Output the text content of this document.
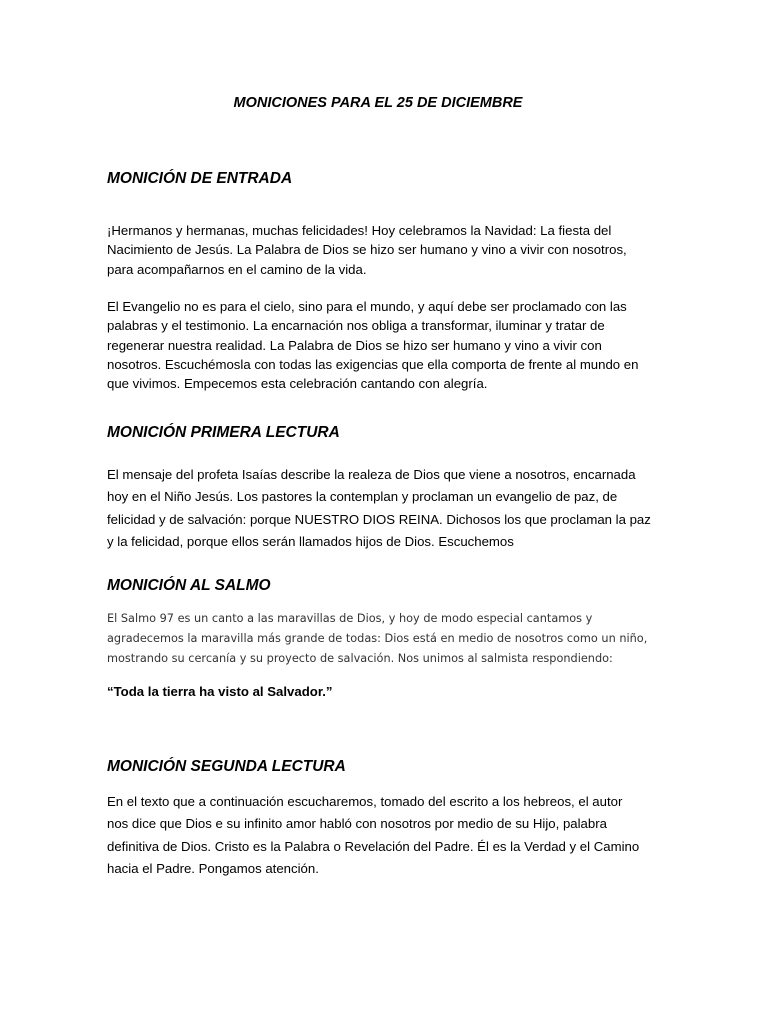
MONICIONES PARA EL 25 DE DICIEMBRE
MONICIÓN DE ENTRADA

¡Hermanos y hermanas, muchas felicidades! Hoy celebramos la Navidad: La fiesta del
Nacimiento de Jesús. La Palabra de Dios se hizo ser humano y vino a vivir con nosotros,
para acompañarnos en el camino de la vida.

El Evangelio no es para el cielo, sino para el mundo, y aquí debe ser proclamado con las
palabras y el testimonio. La encarnación nos obliga a transformar, iluminar y tratar de
regenerar nuestra realidad. La Palabra de Dios se hizo ser humano y vino a vivir con
nosotros. Escuchémosla con todas las exigencias que ella comporta de frente al mundo en
que vivimos. Empecemos esta celebración cantando con alegría.

MONICIÓN PRIMERA LECTURA

El mensaje del profeta Isaías describe la realeza de Dios que viene a nosotros, encarnada
hoy en el Niño Jesús. Los pastores la contemplan y proclaman un evangelio de paz, de
felicidad y de salvación: porque NUESTRO DIOS REINA. Dichosos los que proclaman la paz
y la felicidad, porque ellos serán llamados hijos de Dios. Escuchemos

MONICIÓN AL SALMO

El Salmo 97 es un canto a las maravillas de Dios, y hoy de modo especial cantamos y
agradecemos la maravilla más grande de todas: Dios está en medio de nosotros como un niño,
mostrando su cercanía y su proyecto de salvación. Nos unimos al salmista respondiendo:

“Toda la tierra ha visto al Salvador.”
MONICIÓN SEGUNDA LECTURA

En el texto que a continuación escucharemos, tomado del escrito a los hebreos, el autor
nos dice que Dios e su infinito amor habló con nosotros por medio de su Hijo, palabra
definitiva de Dios. Cristo es la Palabra o Revelación del Padre. Él es la Verdad y el Camino
hacia el Padre. Pongamos atención.
